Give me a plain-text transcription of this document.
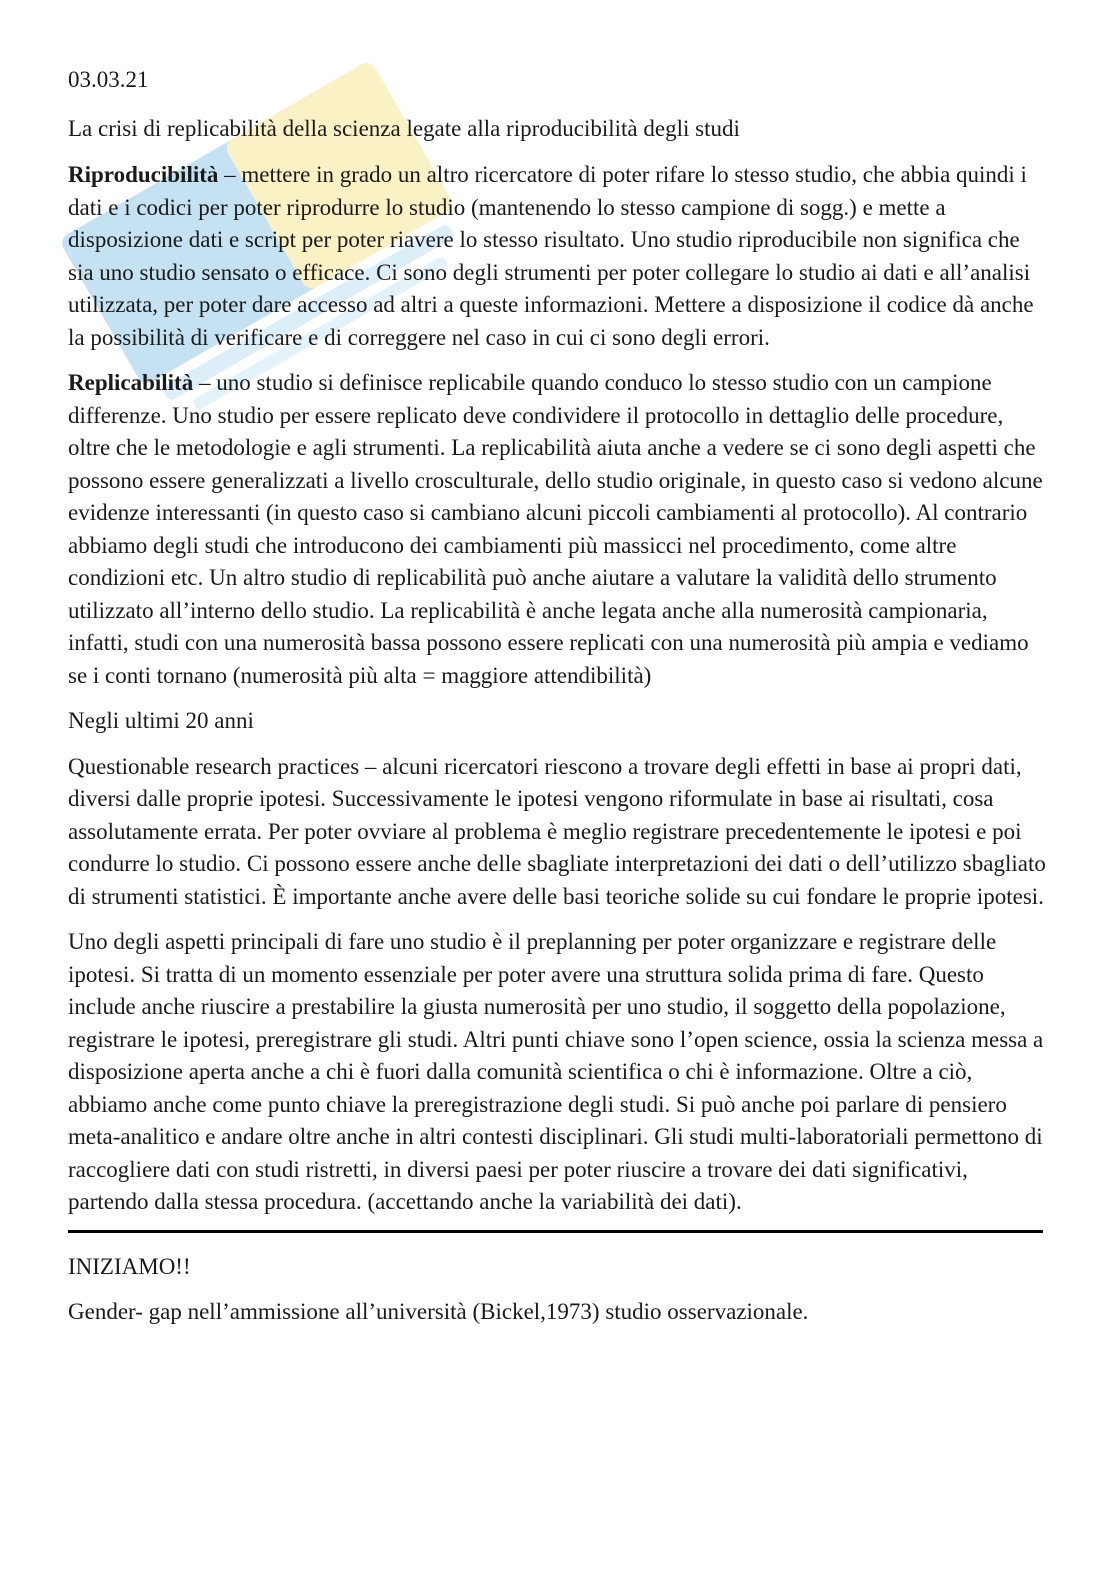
03.03.21

La crisi di replicabilità della scienza legate alla riproducibilità degli studi

Riproducibilità – mettere in grado un altro ricercatore di poter rifare lo stesso studio, che abbia quindi i dati e i codici per poter riprodurre lo studio (mantenendo lo stesso campione di sogg.) e mette a disposizione dati e script per poter riavere lo stesso risultato. Uno studio riproducibile non significa che sia uno studio sensato o efficace. Ci sono degli strumenti per poter collegare lo studio ai dati e all’analisi utilizzata, per poter dare accesso ad altri a queste informazioni. Mettere a disposizione il codice dà anche la possibilità di verificare e di correggere nel caso in cui ci sono degli errori.

Replicabilità – uno studio si definisce replicabile quando conduco lo stesso studio con un campione differenze. Uno studio per essere replicato deve condividere il protocollo in dettaglio delle procedure, oltre che le metodologie e agli strumenti. La replicabilità aiuta anche a vedere se ci sono degli aspetti che possono essere generalizzati a livello crosculturale, dello studio originale, in questo caso si vedono alcune evidenze interessanti (in questo caso si cambiano alcuni piccoli cambiamenti al protocollo). Al contrario abbiamo degli studi che introducono dei cambiamenti più massicci nel procedimento, come altre condizioni etc. Un altro studio di replicabilità può anche aiutare a valutare la validità dello strumento utilizzato all’interno dello studio. La replicabilità è anche legata anche alla numerosità campionaria, infatti, studi con una numerosità bassa possono essere replicati con una numerosità più ampia e vediamo se i conti tornano (numerosità più alta = maggiore attendibilità)

Negli ultimi 20 anni

Questionable research practices – alcuni ricercatori riescono a trovare degli effetti in base ai propri dati, diversi dalle proprie ipotesi. Successivamente le ipotesi vengono riformulate in base ai risultati, cosa assolutamente errata. Per poter ovviare al problema è meglio registrare precedentemente le ipotesi e poi condurre lo studio. Ci possono essere anche delle sbagliate interpretazioni dei dati o dell’utilizzo sbagliato di strumenti statistici. È importante anche avere delle basi teoriche solide su cui fondare le proprie ipotesi.

Uno degli aspetti principali di fare uno studio è il preplanning per poter organizzare e registrare delle ipotesi. Si tratta di un momento essenziale per poter avere una struttura solida prima di fare. Questo include anche riuscire a prestabilire la giusta numerosità per uno studio, il soggetto della popolazione, registrare le ipotesi, preregistrare gli studi. Altri punti chiave sono l’open science, ossia la scienza messa a disposizione aperta anche a chi è fuori dalla comunità scientifica o chi è informazione. Oltre a ciò, abbiamo anche come punto chiave la preregistrazione degli studi. Si può anche poi parlare di pensiero meta-analitico e andare oltre anche in altri contesti disciplinari. Gli studi multi-laboratoriali permettono di raccogliere dati con studi ristretti, in diversi paesi per poter riuscire a trovare dei dati significativi, partendo dalla stessa procedura. (accettando anche la variabilità dei dati).

INIZIAMO!!

Gender- gap nell’ammissione all’università (Bickel,1973) studio osservazionale.
